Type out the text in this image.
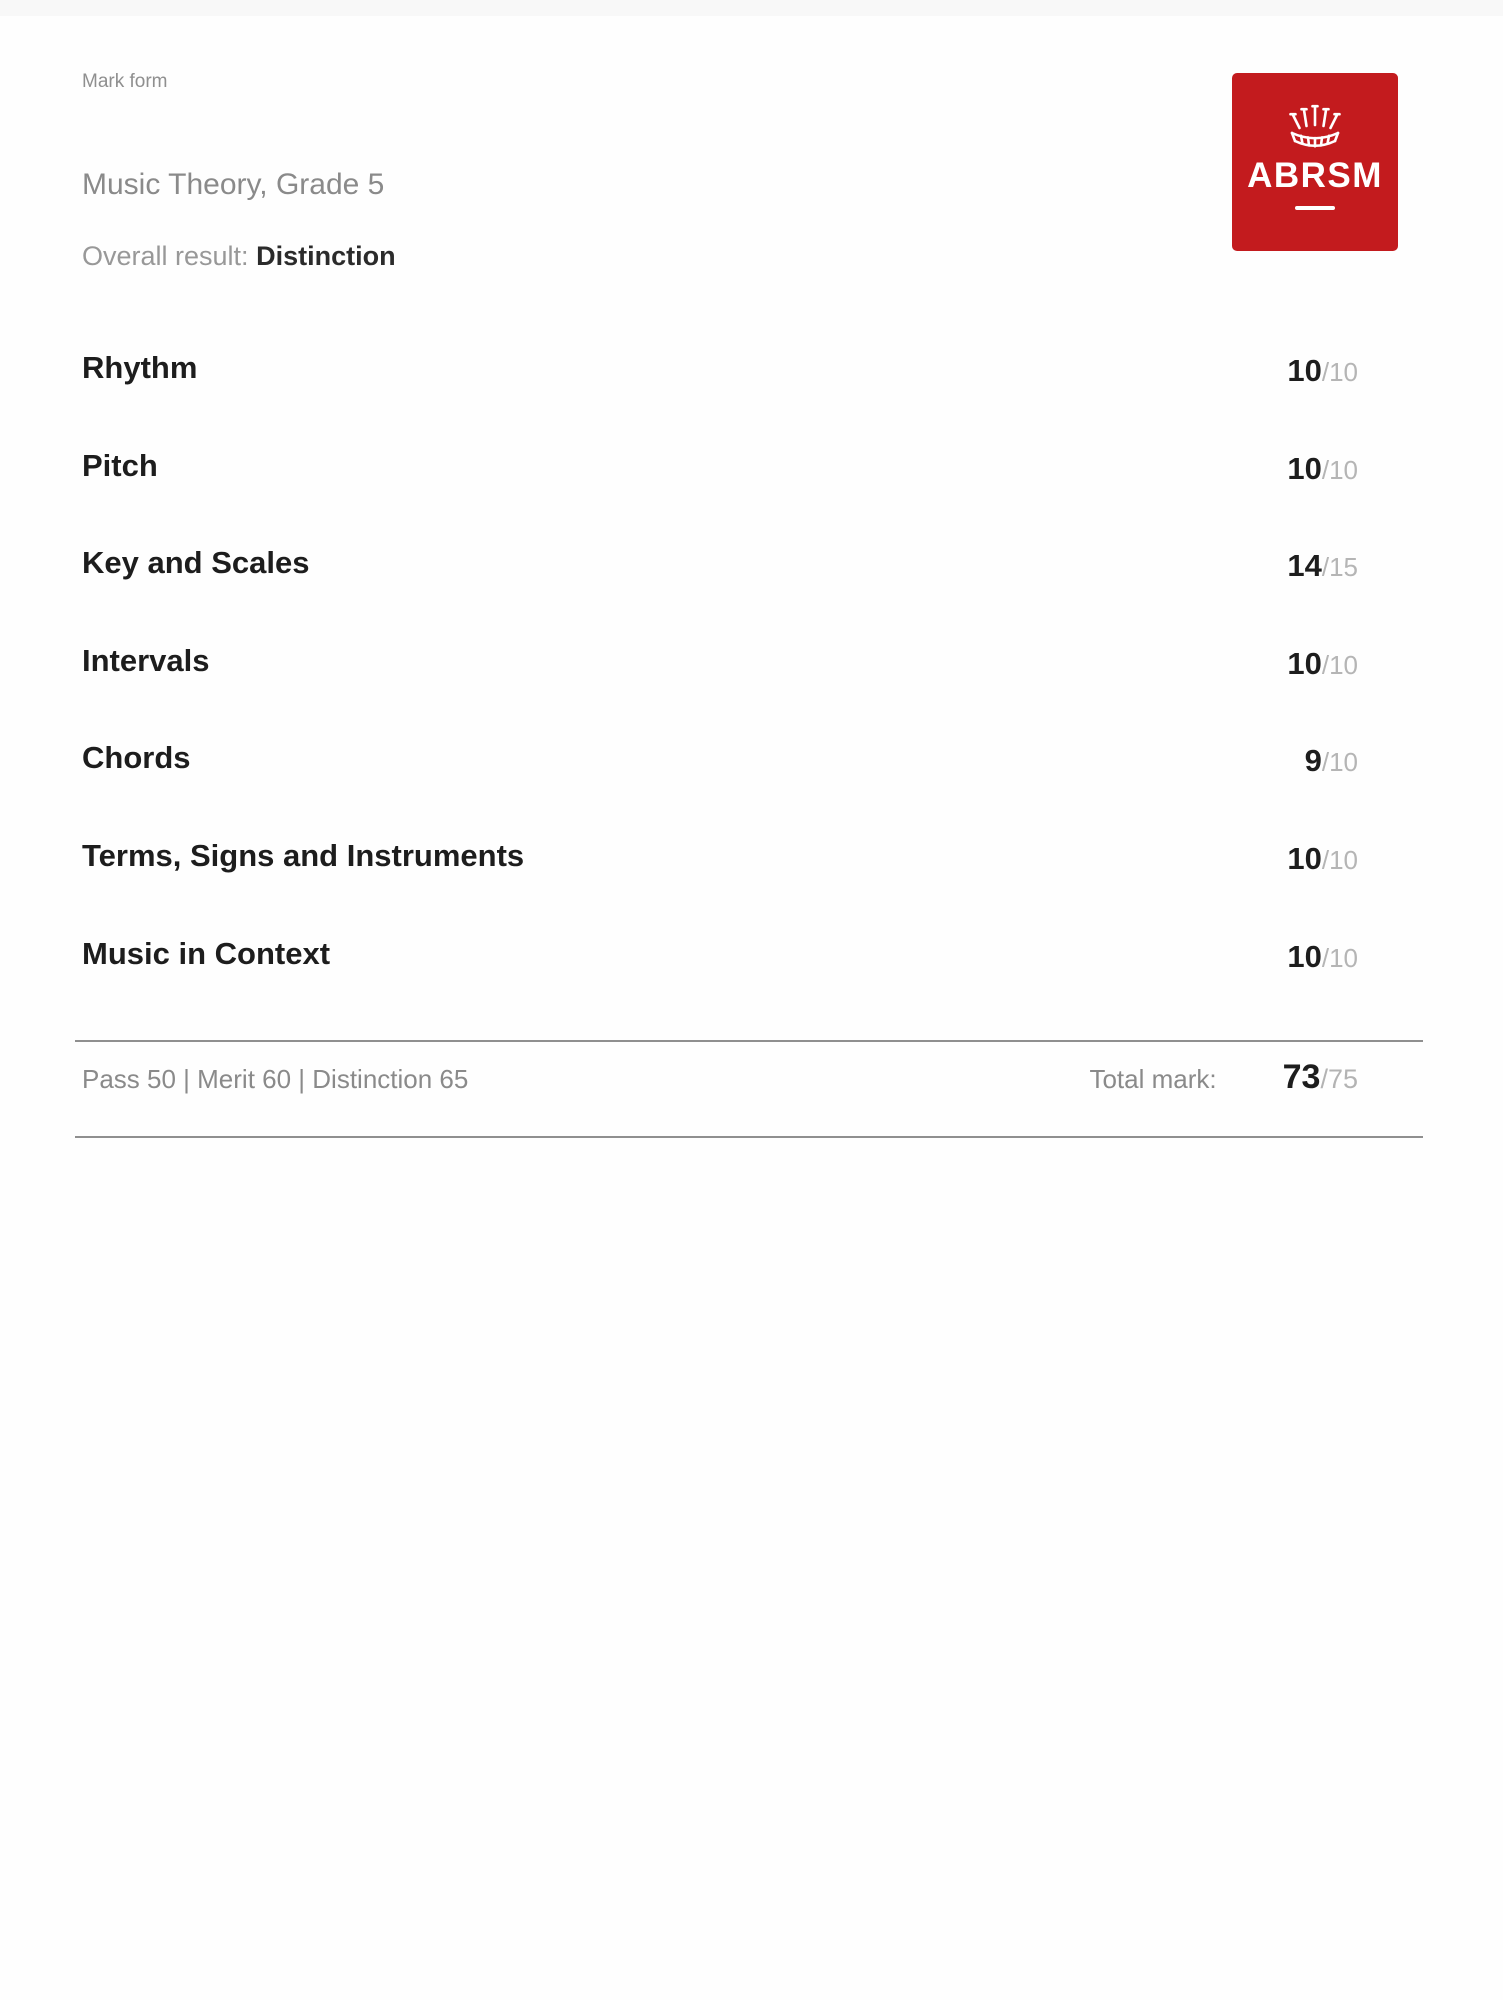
Mark form
ABRSM
Music Theory, Grade 5
Overall result: Distinction
Rhythm	10/10
Pitch	10/10
Key and Scales	14/15
Intervals	10/10
Chords	9/10
Terms, Signs and Instruments	10/10
Music in Context	10/10
Pass 50 | Merit 60 | Distinction 65	Total mark: 73/75
